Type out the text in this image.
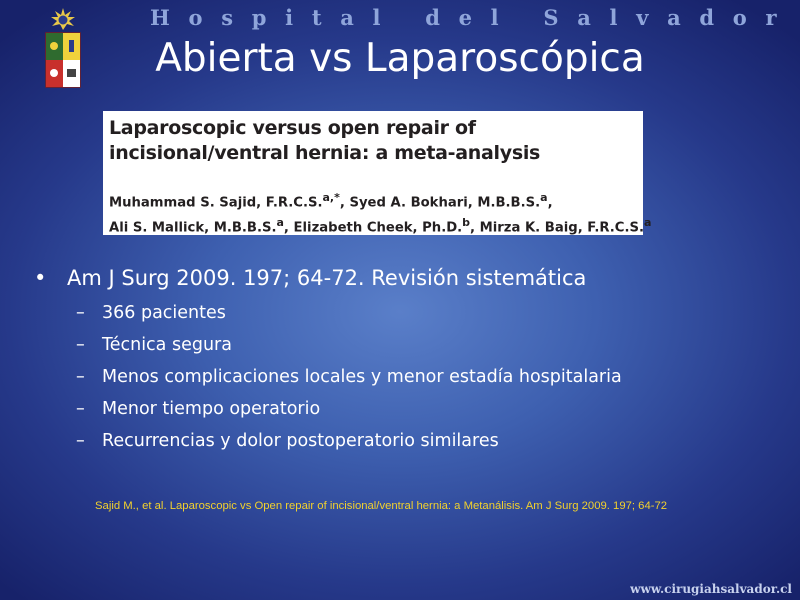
Hospital del Salvador
Abierta vs Laparoscópica
Laparoscopic versus open repair of incisional/ventral hernia: a meta-analysis
Muhammad S. Sajid, F.R.C.S.$^{a,*}$, Syed A. Bokhari, M.B.B.S.$^a$,
Ali S. Mallick, M.B.B.S.$^a$, Elizabeth Cheek, Ph.D.$^b$, Mirza K. Baig, F.R.C.S.$^a$
• Am J Surg 2009. 197; 64-72. Revisión sistemática
– 366 pacientes
– Técnica segura
– Menos complicaciones locales y menor estadía hospitalaria
– Menor tiempo operatorio
– Recurrencias y dolor postoperatorio similares
Sajid M., et al. Laparoscopic vs Open repair of incisional/ventral hernia: a Metanálisis. Am J Surg 2009. 197; 64-72
www.cirugiahsalvador.cl
